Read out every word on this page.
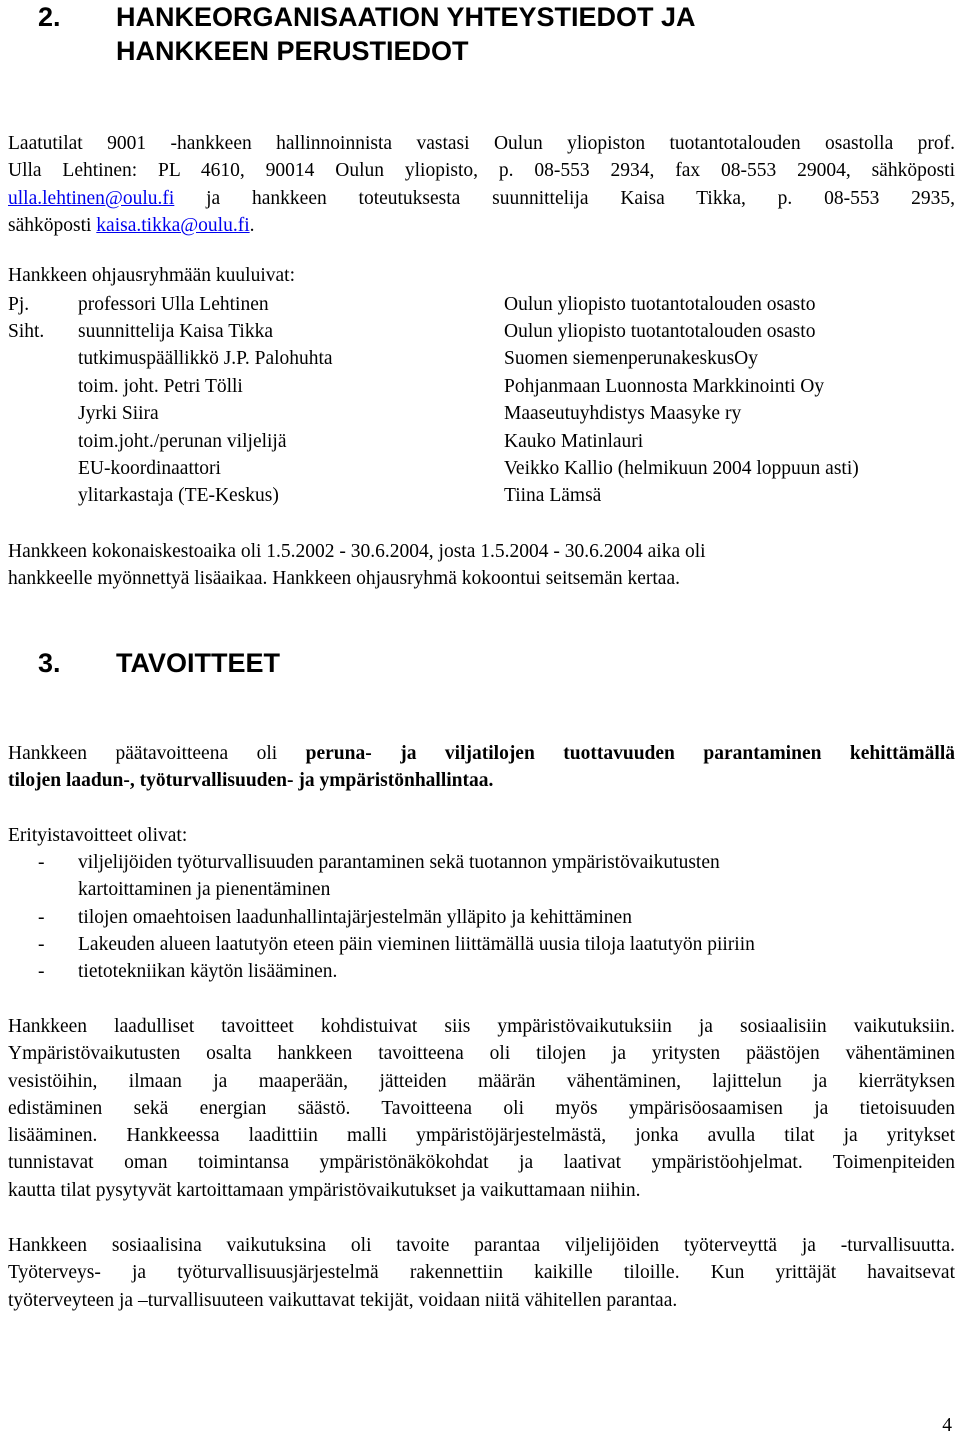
2. HANKEORGANISAATION YHTEYSTIEDOT JA
HANKKEEN PERUSTIEDOT
Laatutilat 9001 -hankkeen hallinnoinnista vastasi Oulun yliopiston tuotantotalouden osastolla prof.
Ulla Lehtinen: PL 4610, 90014 Oulun yliopisto, p. 08-553 2934, fax 08-553 29004, sähköposti
ulla.lehtinen@oulu.fi ja hankkeen toteutuksesta suunnittelija Kaisa Tikka, p. 08-553 2935,
sähköposti kaisa.tikka@oulu.fi.
Hankkeen ohjausryhmään kuuluivat:
Pj.	professori Ulla Lehtinen	Oulun yliopisto tuotantotalouden osasto
Siht. suunnittelija Kaisa Tikka	Oulun yliopisto tuotantotalouden osasto
tutkimuspäällikkö J.P. Palohuhta	Suomen siemenperunakeskusOy
toim. joht. Petri Tölli	Pohjanmaan Luonnosta Markkinointi Oy
Jyrki Siira	Maaseutuyhdistys Maasyke ry
toim.joht./perunan viljelijä	Kauko Matinlauri
EU-koordinaattori	Veikko Kallio (helmikuun 2004 loppuun asti)
ylitarkastaja (TE-Keskus)	Tiina Lämsä
Hankkeen kokonaiskestoaika oli 1.5.2002 - 30.6.2004, josta 1.5.2004 - 30.6.2004 aika oli
hankkeelle myönnettyä lisäaikaa. Hankkeen ohjausryhmä kokoontui seitsemän kertaa.
3. TAVOITTEET
Hankkeen päätavoitteena oli peruna- ja viljatilojen tuottavuuden parantaminen kehittämällä
tilojen laadun-, työturvallisuuden- ja ympäristönhallintaa.
Erityistavoitteet olivat:
- viljelijöiden työturvallisuuden parantaminen sekä tuotannon ympäristövaikutusten
kartoittaminen ja pienentäminen
- tilojen omaehtoisen laadunhallintajärjestelmän ylläpito ja kehittäminen
- Lakeuden alueen laatutyön eteen päin vieminen liittämällä uusia tiloja laatutyön piiriin
- tietotekniikan käytön lisääminen.
Hankkeen laadulliset tavoitteet kohdistuivat siis ympäristövaikutuksiin ja sosiaalisiin vaikutuksiin.
Ympäristövaikutusten osalta hankkeen tavoitteena oli tilojen ja yritysten päästöjen vähentäminen
vesistöihin, ilmaan ja maaperään, jätteiden määrän vähentäminen, lajittelun ja kierrätyksen
edistäminen sekä energian säästö. Tavoitteena oli myös ympärisöosaamisen ja tietoisuuden
lisääminen. Hankkeessa laadittiin malli ympäristöjärjestelmästä, jonka avulla tilat ja yritykset
tunnistavat oman toimintansa ympäristönäkökohdat ja laativat ympäristöohjelmat. Toimenpiteiden
kautta tilat pysytyvät kartoittamaan ympäristövaikutukset ja vaikuttamaan niihin.
Hankkeen sosiaalisina vaikutuksina oli tavoite parantaa viljelijöiden työterveyttä ja -turvallisuutta.
Työterveys- ja työturvallisuusjärjestelmä rakennettiin kaikille tiloille. Kun yrittäjät havaitsevat
työterveyteen ja –turvallisuuteen vaikuttavat tekijät, voidaan niitä vähitellen parantaa.
4
